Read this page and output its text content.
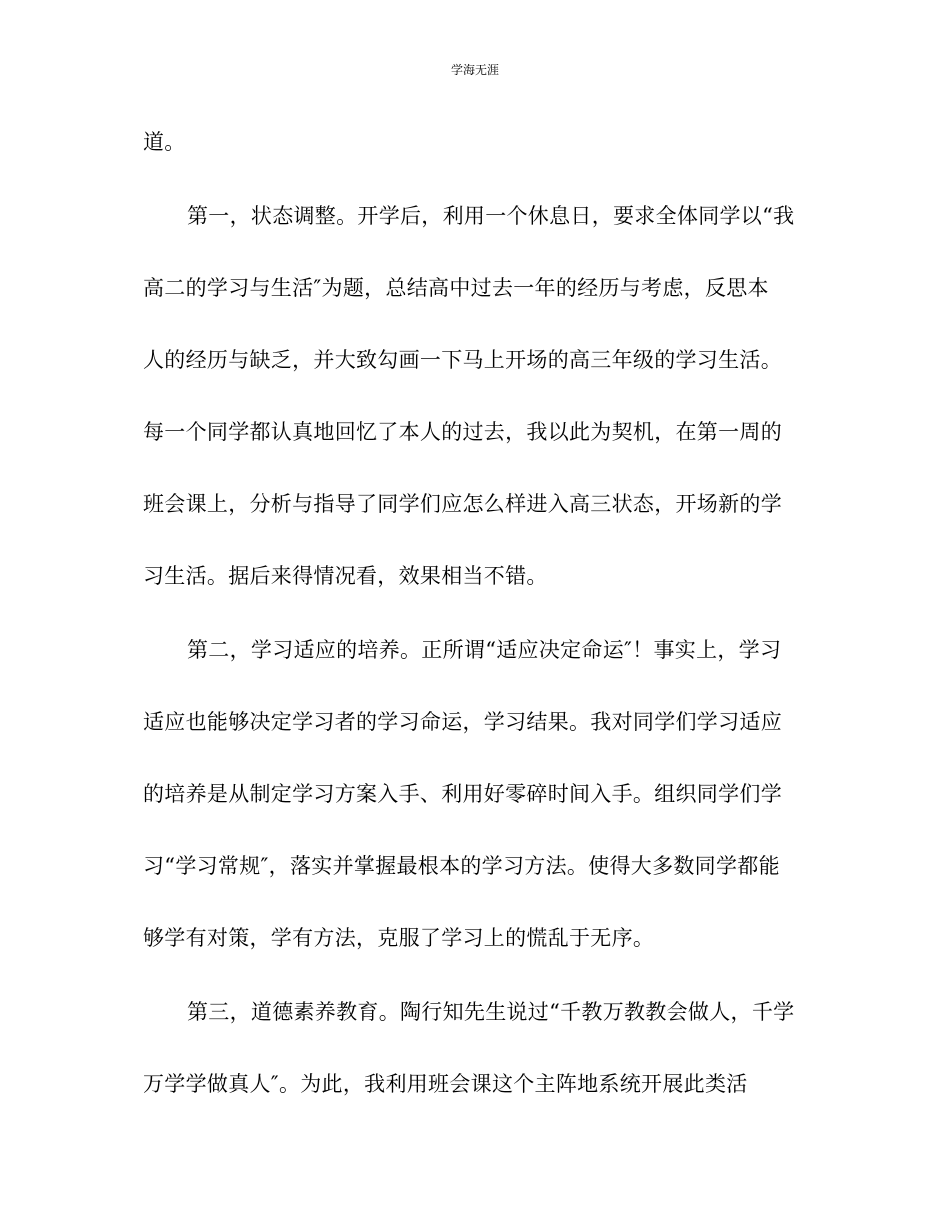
学海无涯
道。
第一，状态调整。开学后，利用一个休息日，要求全体同学以“我
高二的学习与生活″为题，总结高中过去一年的经历与考虑，反思本
人的经历与缺乏，并大致勾画一下马上开场的高三年级的学习生活。
每一个同学都认真地回忆了本人的过去，我以此为契机，在第一周的
班会课上，分析与指导了同学们应怎么样进入高三状态，开场新的学
习生活。据后来得情况看，效果相当不错。
第二，学习适应的培养。正所谓“适应决定命运″！事实上，学习
适应也能够决定学习者的学习命运，学习结果。我对同学们学习适应
的培养是从制定学习方案入手、利用好零碎时间入手。组织同学们学
习“学习常规″，落实并掌握最根本的学习方法。使得大多数同学都能
够学有对策，学有方法，克服了学习上的慌乱于无序。
第三，道德素养教育。陶行知先生说过“千教万教教会做人，千学
万学学做真人″。为此，我利用班会课这个主阵地系统开展此类活
